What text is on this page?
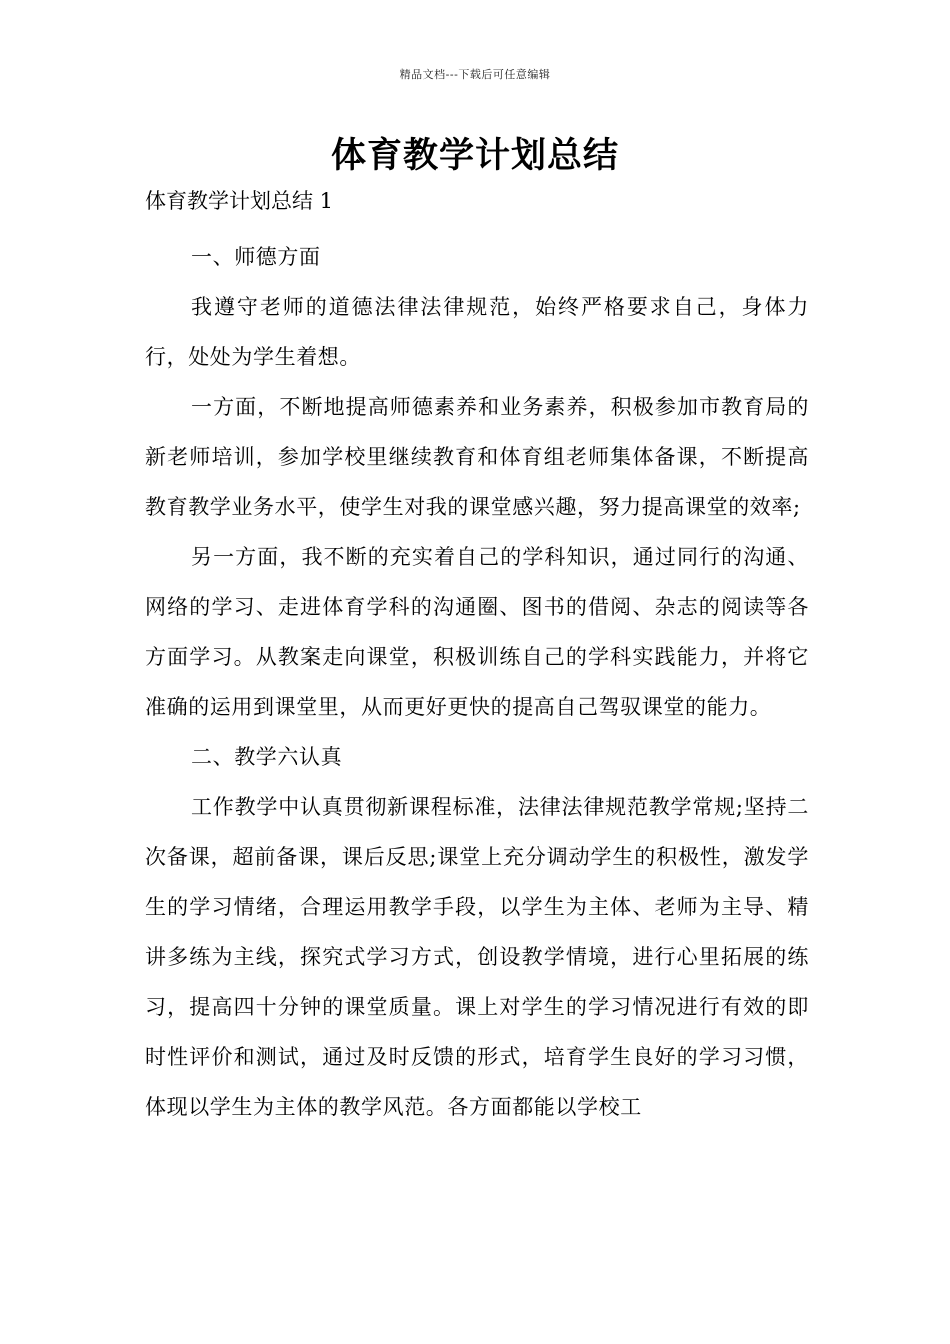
精品文档---下载后可任意编辑
体育教学计划总结
体育教学计划总结 1

一、师德方面

我遵守老师的道德法律法律规范，始终严格要求自己，身体力行，处处为学生着想。

一方面，不断地提高师德素养和业务素养，积极参加市教育局的新老师培训，参加学校里继续教育和体育组老师集体备课，不断提高教育教学业务水平，使学生对我的课堂感兴趣，努力提高课堂的效率;

另一方面，我不断的充实着自己的学科知识，通过同行的沟通、网络的学习、走进体育学科的沟通圈、图书的借阅、杂志的阅读等各方面学习。从教案走向课堂，积极训练自己的学科实践能力，并将它准确的运用到课堂里，从而更好更快的提高自己驾驭课堂的能力。

二、教学六认真

工作教学中认真贯彻新课程标准，法律法律规范教学常规;坚持二次备课，超前备课，课后反思;课堂上充分调动学生的积极性，激发学生的学习情绪，合理运用教学手段，以学生为主体、老师为主导、精讲多练为主线，探究式学习方式，创设教学情境，进行心里拓展的练习，提高四十分钟的课堂质量。课上对学生的学习情况进行有效的即时性评价和测试，通过及时反馈的形式，培育学生良好的学习习惯，体现以学生为主体的教学风范。各方面都能以学校工
